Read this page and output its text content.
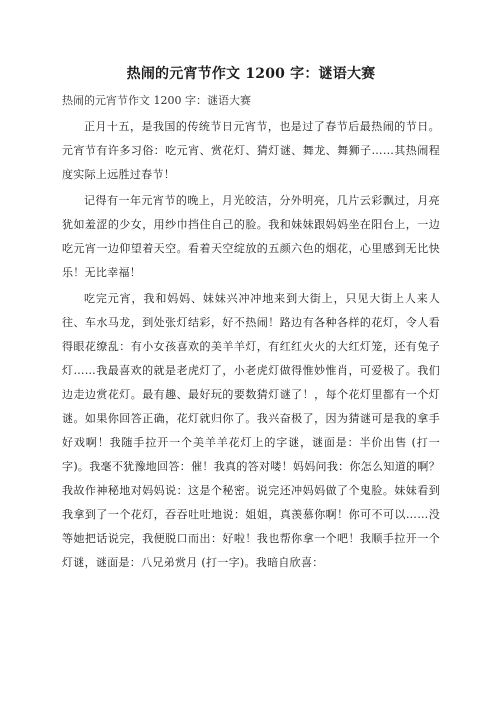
热闹的元宵节作文 1200 字：谜语大赛
热闹的元宵节作文 1200 字：谜语大赛

正月十五，是我国的传统节日元宵节，也是过了春节后最热闹的节日。元宵节有许多习俗：吃元宵、赏花灯、猜灯谜、舞龙、舞狮子……其热闹程度实际上远胜过春节！

记得有一年元宵节的晚上，月光皎洁，分外明亮，几片云彩飘过，月亮犹如羞涩的少女，用纱巾挡住自己的脸。我和妹妹跟妈妈坐在阳台上，一边吃元宵一边仰望着天空。看着天空绽放的五颜六色的烟花，心里感到无比快乐！无比幸福！

吃完元宵，我和妈妈、妹妹兴冲冲地来到大街上，只见大街上人来人往、车水马龙，到处张灯结彩，好不热闹！路边有各种各样的花灯，令人看得眼花缭乱：有小女孩喜欢的美羊羊灯，有红红火火的大红灯笼，还有兔子灯……我最喜欢的就是老虎灯了，小老虎灯做得惟妙惟肖，可爱极了。我们边走边赏花灯。最有趣、最好玩的要数猜灯谜了！，每个花灯里都有一个灯谜。如果你回答正确，花灯就归你了。我兴奋极了，因为猜谜可是我的拿手好戏啊！我随手拉开一个美羊羊花灯上的字谜，谜面是：半价出售 (打一字)。我毫不犹豫地回答：催！我真的答对喽！妈妈问我：你怎么知道的啊？我故作神秘地对妈妈说：这是个秘密。说完还冲妈妈做了个鬼脸。妹妹看到我拿到了一个花灯，吞吞吐吐地说：姐姐，真羡慕你啊！你可不可以……没等她把话说完，我便脱口而出：好啦！我也帮你拿一个吧！我顺手拉开一个灯谜，谜面是：八兄弟赏月 (打一字)。我暗自欣喜：
